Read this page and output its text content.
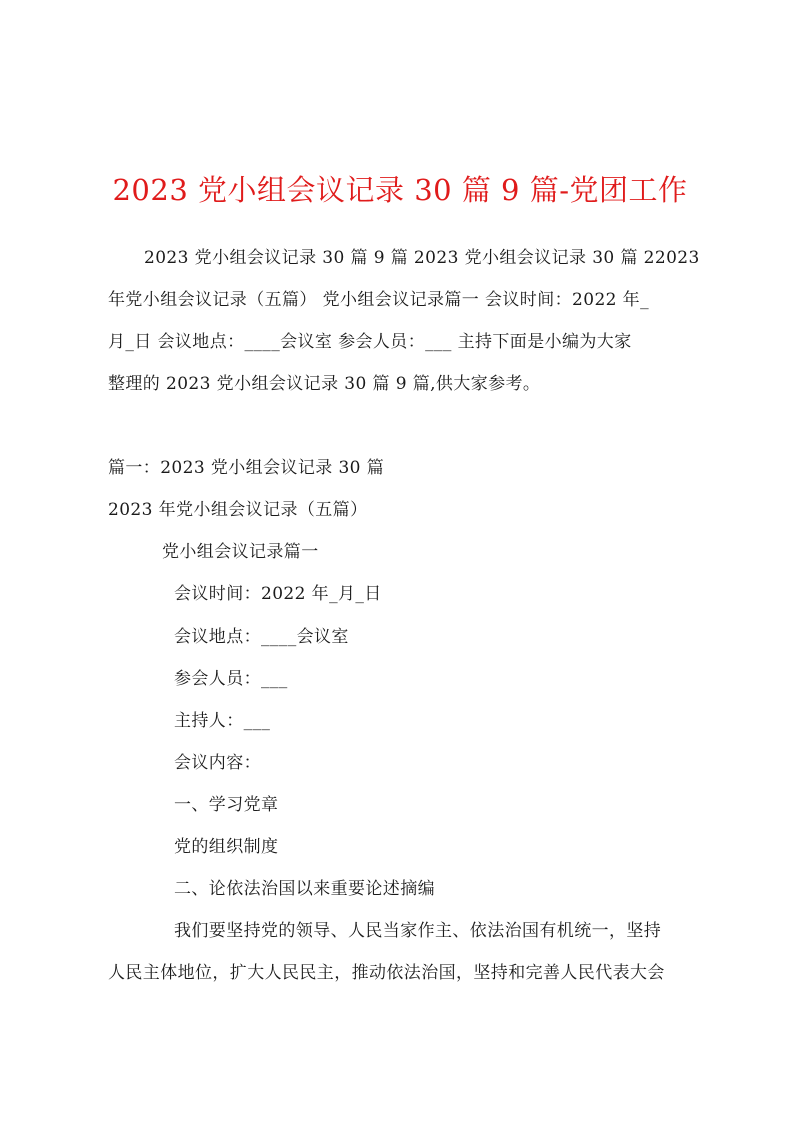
2023 党小组会议记录 30 篇 9 篇-党团工作
2023 党小组会议记录 30 篇 9 篇 2023 党小组会议记录 30 篇 22023
年党小组会议记录（五篇） 党小组会议记录篇一 会议时间：2022 年_
月_日 会议地点：____会议室 参会人员：___ 主持下面是小编为大家
整理的 2023 党小组会议记录 30 篇 9 篇,供大家参考。
篇一：2023 党小组会议记录 30 篇
2023 年党小组会议记录（五篇）
党小组会议记录篇一
会议时间：2022 年_月_日
会议地点：____会议室
参会人员：___
主持人：___
会议内容：
一、学习党章
党的组织制度
二、论依法治国以来重要论述摘编
我们要坚持党的领导、人民当家作主、依法治国有机统一，坚持
人民主体地位，扩大人民民主，推动依法治国，坚持和完善人民代表大会
